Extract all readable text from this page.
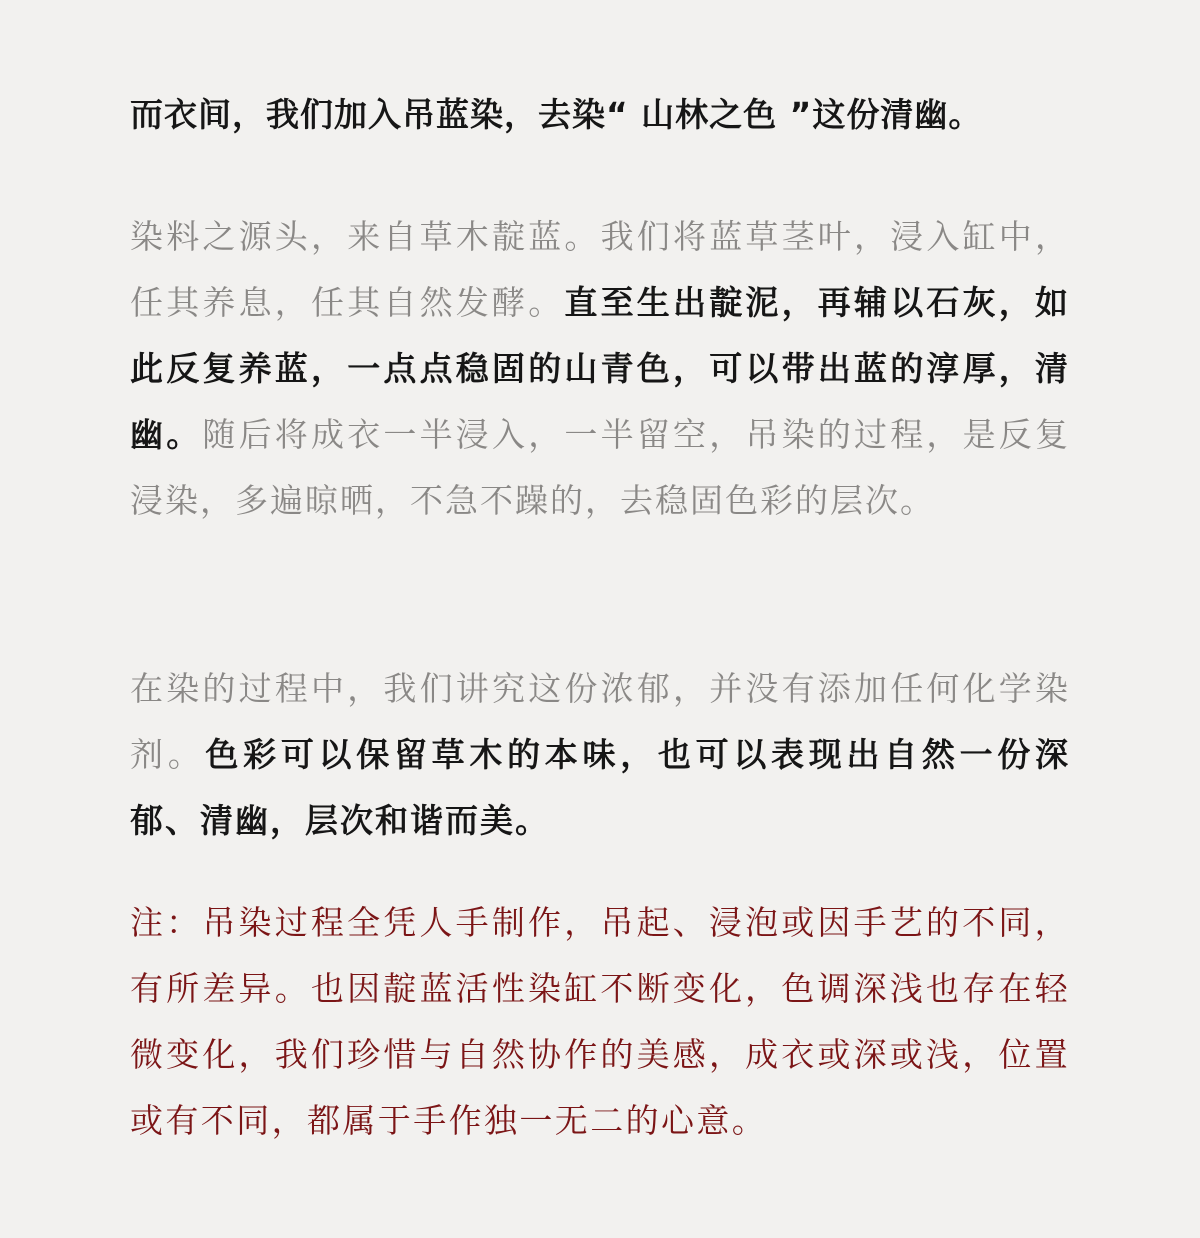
而衣间，我们加入吊蓝染，去染“ 山林之色 ”这份清幽。

染料之源头，来自草木靛蓝。我们将蓝草茎叶，浸入缸中，任其养息，任其自然发酵。直至生出靛泥，再辅以石灰，如此反复养蓝，一点点稳固的山青色，可以带出蓝的淳厚，清幽。随后将成衣一半浸入，一半留空，吊染的过程，是反复浸染，多遍晾晒，不急不躁的，去稳固色彩的层次。

在染的过程中，我们讲究这份浓郁，并没有添加任何化学染剂。色彩可以保留草木的本味，也可以表现出自然一份深郁、清幽，层次和谐而美。

注：吊染过程全凭人手制作，吊起、浸泡或因手艺的不同，有所差异。也因靛蓝活性染缸不断变化，色调深浅也存在轻微变化，我们珍惜与自然协作的美感，成衣或深或浅，位置或有不同，都属于手作独一无二的心意。
